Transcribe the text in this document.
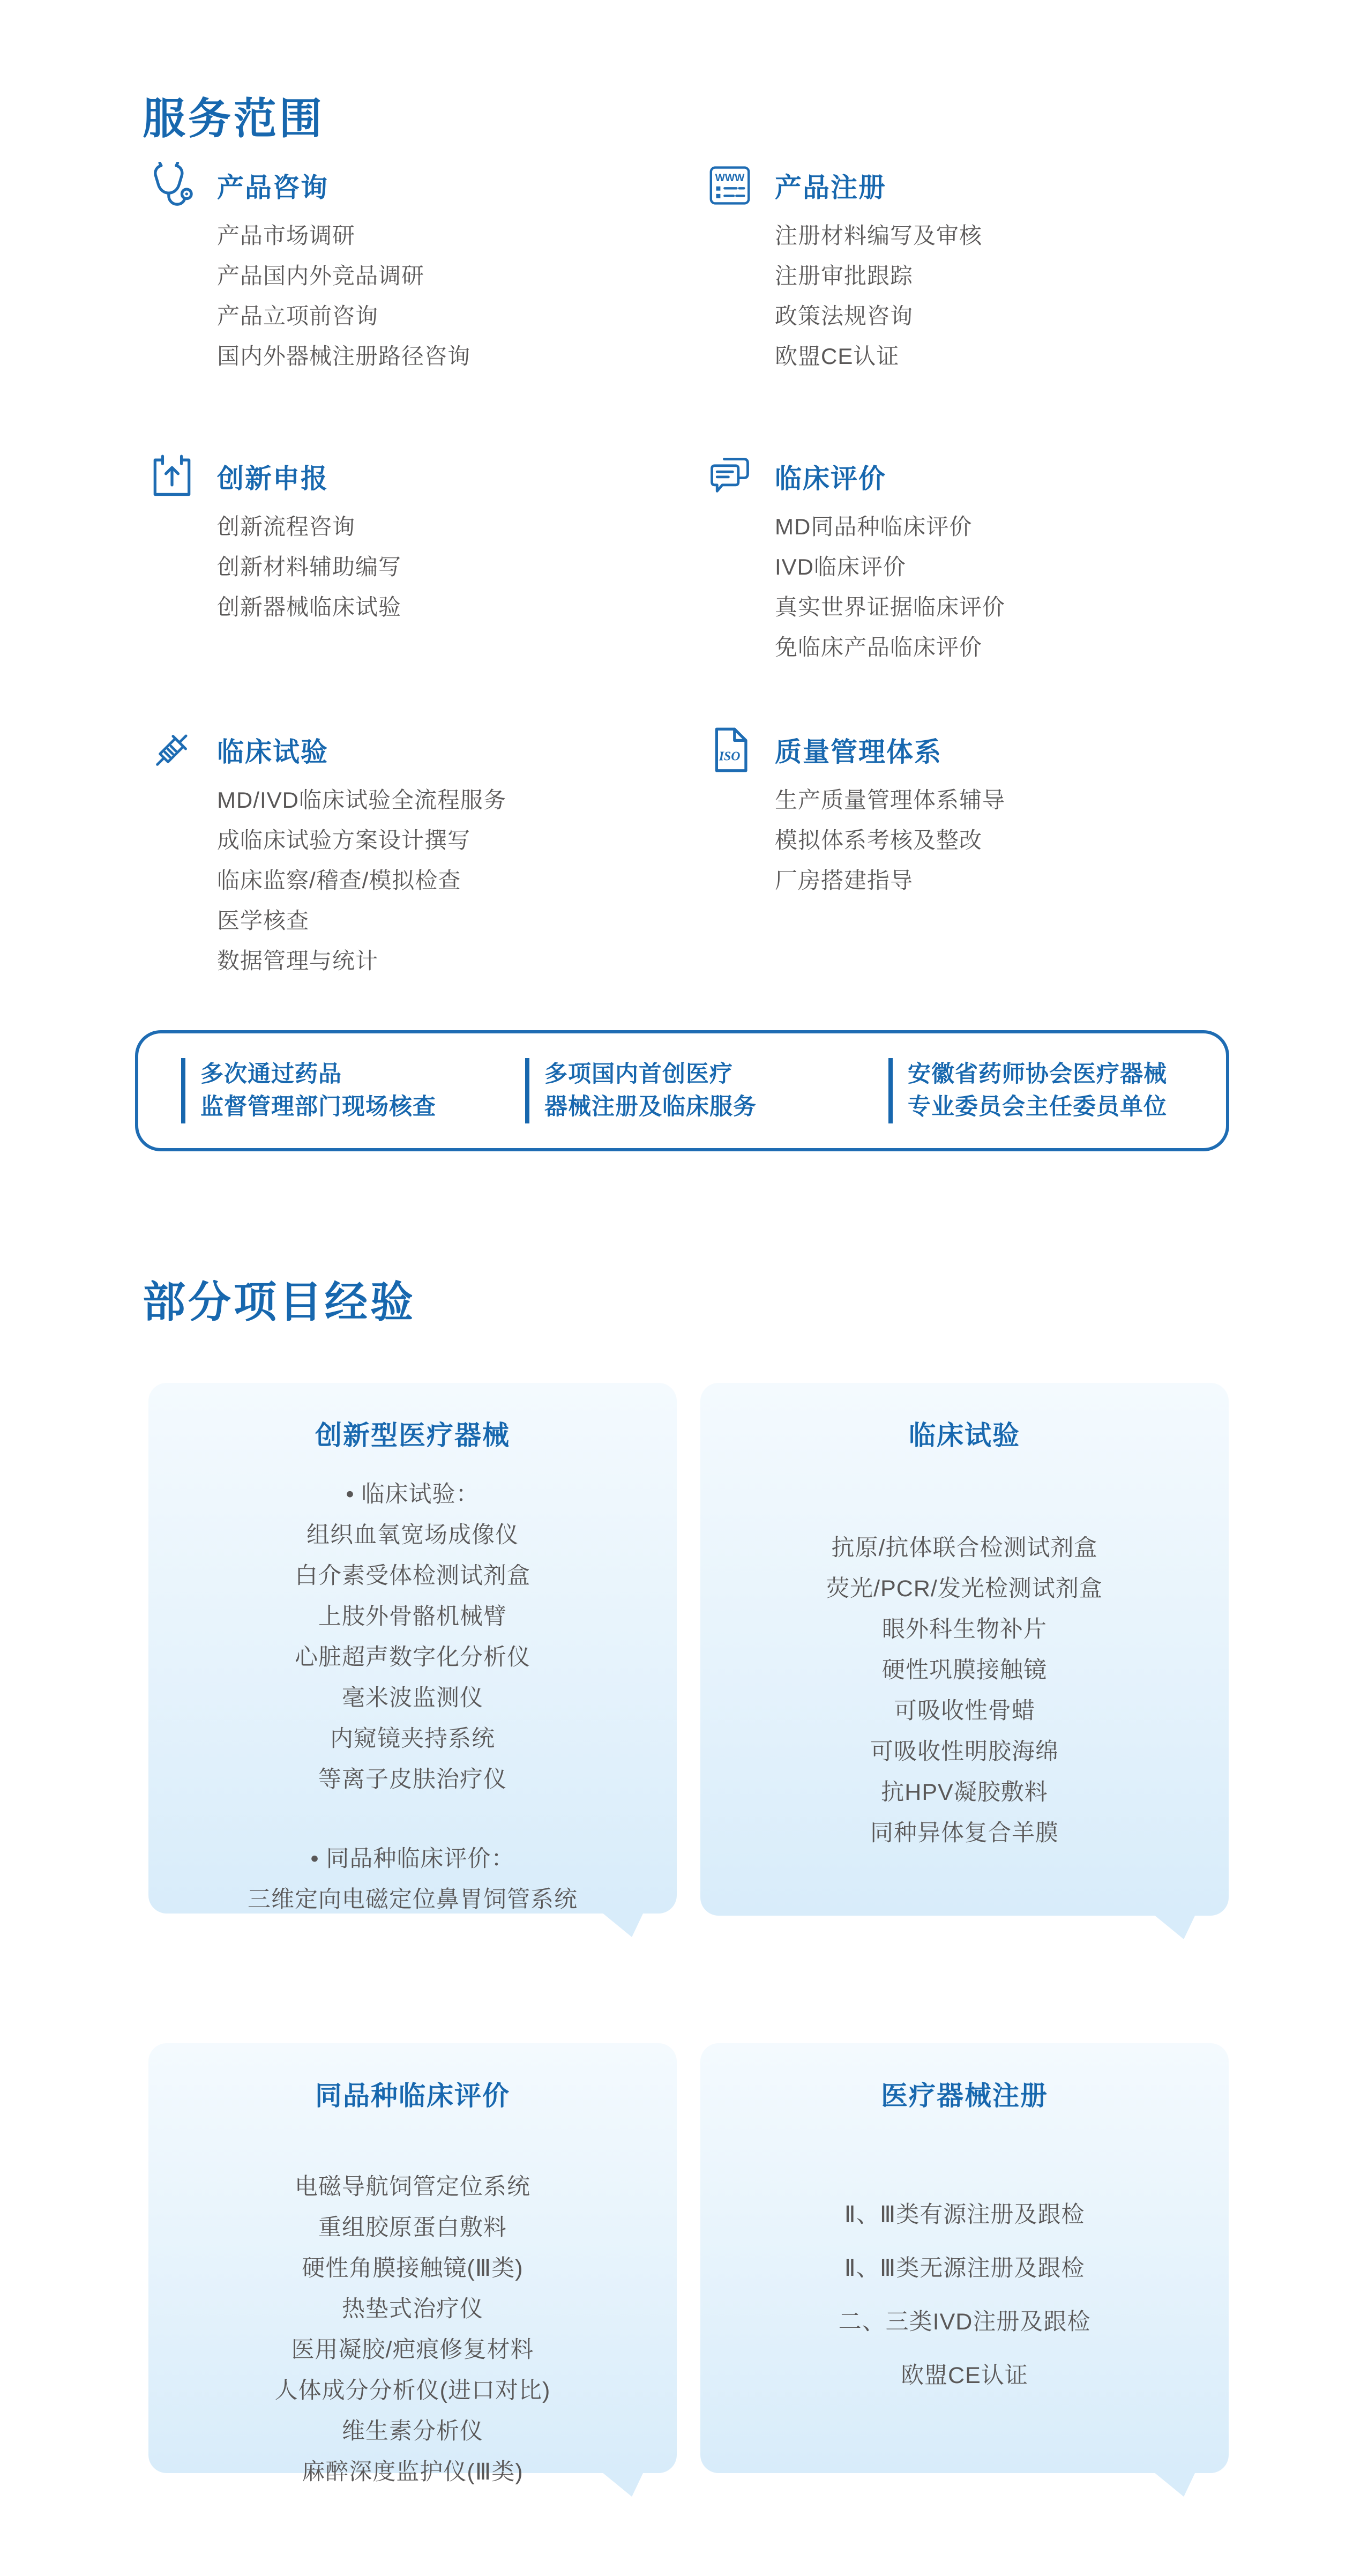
服务范围
产品咨询
产品市场调研
产品国内外竞品调研
产品立项前咨询
国内外器械注册路径咨询
WWW 产品注册
注册材料编写及审核
注册审批跟踪
政策法规咨询
欧盟CE认证
创新申报
创新流程咨询
创新材料辅助编写
创新器械临床试验
临床评价
MD同品种临床评价
IVD临床评价
真实世界证据临床评价
免临床产品临床评价
临床试验
MD/IVD临床试验全流程服务
成临床试验方案设计撰写
临床监察/稽查/模拟检查
医学核查
数据管理与统计
ISO 质量管理体系
生产质量管理体系辅导
模拟体系考核及整改
厂房搭建指导
多次通过药品
监督管理部门现场核查
多项国内首创医疗
器械注册及临床服务
安徽省药师协会医疗器械
专业委员会主任委员单位
部分项目经验
创新型医疗器械
• 临床试验：
组织血氧宽场成像仪
白介素受体检测试剂盒
上肢外骨骼机械臂
心脏超声数字化分析仪
毫米波监测仪
内窥镜夹持系统
等离子皮肤治疗仪
• 同品种临床评价：
三维定向电磁定位鼻胃饲管系统
临床试验
抗原/抗体联合检测试剂盒
荧光/PCR/发光检测试剂盒
眼外科生物补片
硬性巩膜接触镜
可吸收性骨蜡
可吸收性明胶海绵
抗HPV凝胶敷料
同种异体复合羊膜
同品种临床评价
电磁导航饲管定位系统
重组胶原蛋白敷料
硬性角膜接触镜(Ⅲ类)
热垫式治疗仪
医用凝胶/疤痕修复材料
人体成分分析仪(进口对比)
维生素分析仪
麻醉深度监护仪(Ⅲ类)
医疗器械注册
Ⅱ、Ⅲ类有源注册及跟检
Ⅱ、Ⅲ类无源注册及跟检
二、三类IVD注册及跟检
欧盟CE认证
